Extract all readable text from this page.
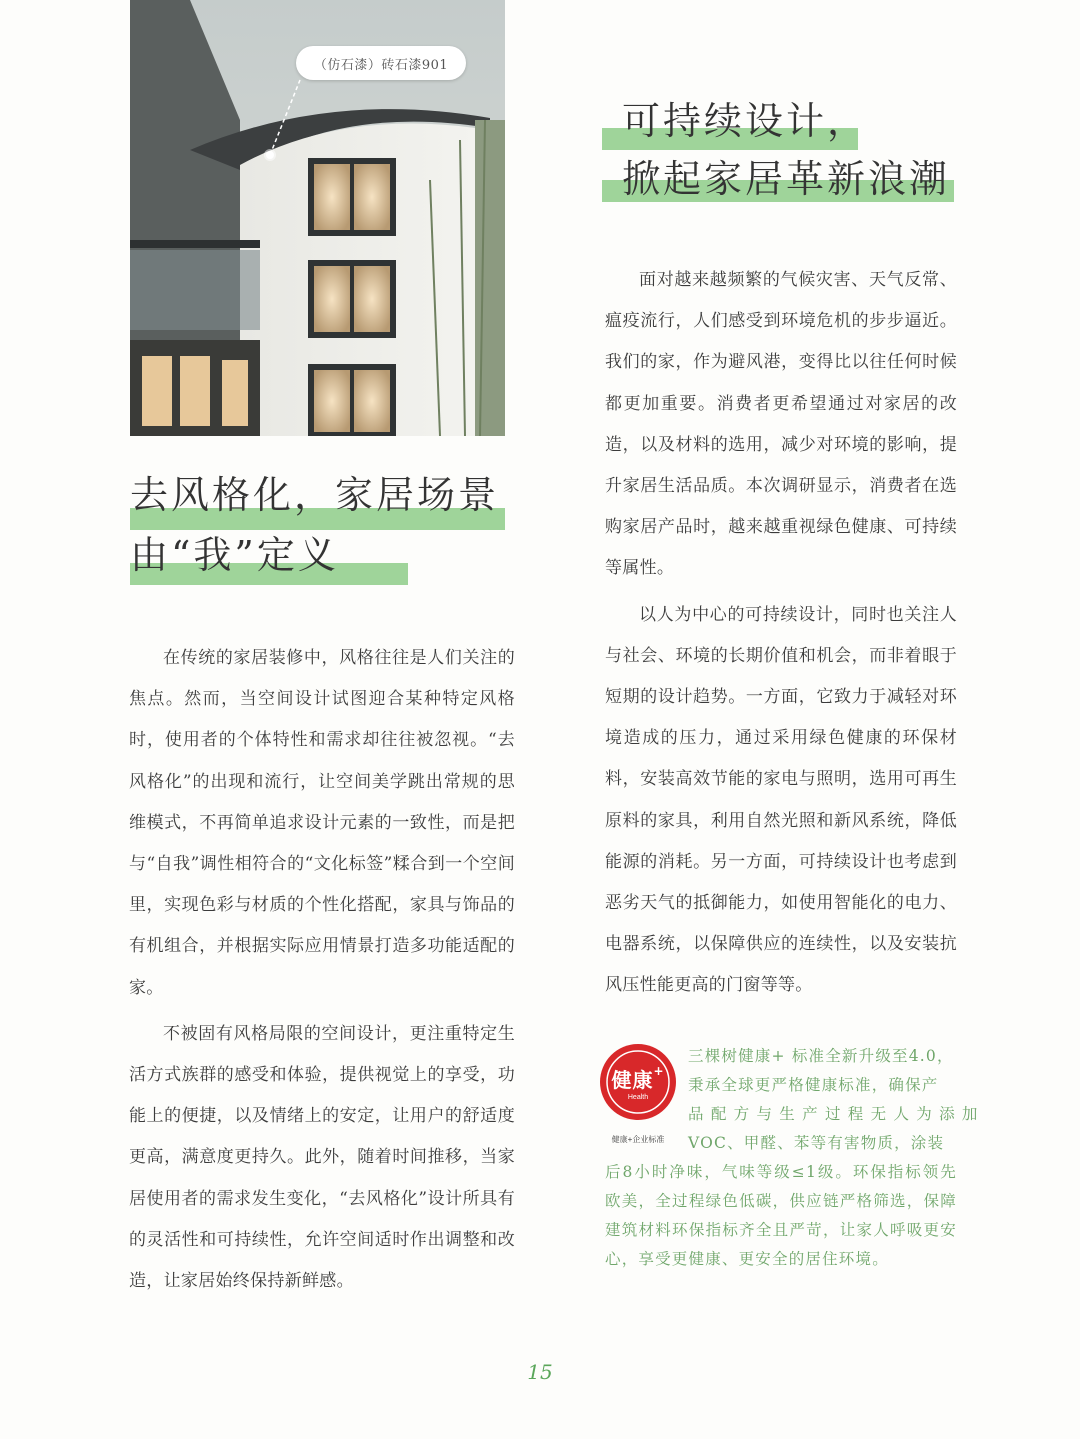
（仿石漆）砖石漆901
可持续设计，
掀起家居革新浪潮

面对越来越频繁的气候灾害、天气反常、瘟疫流行，人们感受到环境危机的步步逼近。我们的家，作为避风港，变得比以往任何时候都更加重要。消费者更希望通过对家居的改造，以及材料的选用，减少对环境的影响，提升家居生活品质。本次调研显示，消费者在选购家居产品时，越来越重视绿色健康、可持续等属性。

以人为中心的可持续设计，同时也关注人与社会、环境的长期价值和机会，而非着眼于短期的设计趋势。一方面，它致力于减轻对环境造成的压力，通过采用绿色健康的环保材料，安装高效节能的家电与照明，选用可再生原料的家具，利用自然光照和新风系统，降低能源的消耗。另一方面，可持续设计也考虑到恶劣天气的抵御能力，如使用智能化的电力、电器系统，以保障供应的连续性，以及安装抗风压性能更高的门窗等等。

去风格化，家居场景
由“我”定义

在传统的家居装修中，风格往往是人们关注的焦点。然而，当空间设计试图迎合某种特定风格时，使用者的个体特性和需求却往往被忽视。“去风格化”的出现和流行，让空间美学跳出常规的思维模式，不再简单追求设计元素的一致性，而是把与“自我”调性相符合的“文化标签”糅合到一个空间里，实现色彩与材质的个性化搭配，家具与饰品的有机组合，并根据实际应用情景打造多功能适配的家。

不被固有风格局限的空间设计，更注重特定生活方式族群的感受和体验，提供视觉上的享受，功能上的便捷，以及情绪上的安定，让用户的舒适度更高，满意度更持久。此外，随着时间推移，当家居使用者的需求发生变化，“去风格化”设计所具有的灵活性和可持续性，允许空间适时作出调整和改造，让家居始终保持新鲜感。

健康+
Health
健康+企业标准
三棵树健康+ 标准全新升级至4.0，
秉承全球更严格健康标准，确保产
品 配 方 与 生 产 过 程 无 人 为 添 加
VOC、甲醛、苯等有害物质，涂装
后8小时净味，气味等级≤1级。环保指标领先欧美，全过程绿色低碳，供应链严格筛选，保障建筑材料环保指标齐全且严苛，让家人呼吸更安心，享受更健康、更安全的居住环境。
15
